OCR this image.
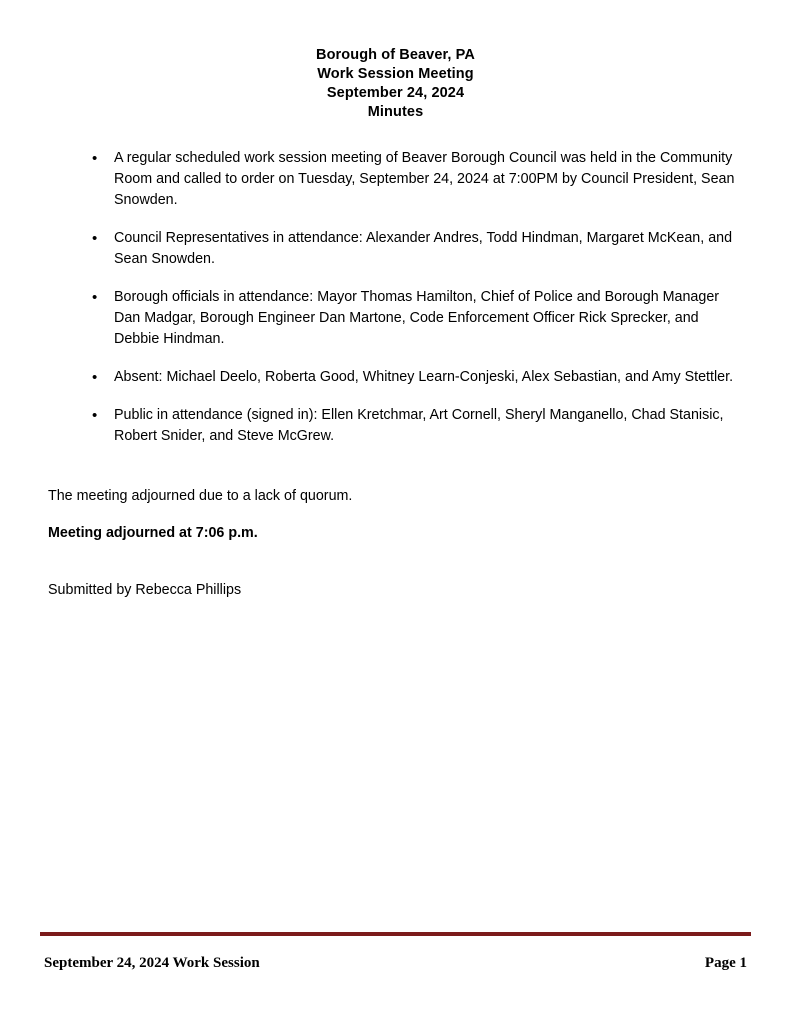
Borough of Beaver, PA
Work Session Meeting
September 24, 2024
Minutes
• A regular scheduled work session meeting of Beaver Borough Council was held in the Community Room and called to order on Tuesday, September 24, 2024 at 7:00PM by Council President, Sean Snowden.
• Council Representatives in attendance: Alexander Andres, Todd Hindman, Margaret McKean, and Sean Snowden.
• Borough officials in attendance: Mayor Thomas Hamilton, Chief of Police and Borough Manager Dan Madgar, Borough Engineer Dan Martone, Code Enforcement Officer Rick Sprecker, and Debbie Hindman.
• Absent: Michael Deelo, Roberta Good, Whitney Learn-Conjeski, Alex Sebastian, and Amy Stettler.
• Public in attendance (signed in): Ellen Kretchmar, Art Cornell, Sheryl Manganello, Chad Stanisic, Robert Snider, and Steve McGrew.

The meeting adjourned due to a lack of quorum.

Meeting adjourned at 7:06 p.m.

Submitted by Rebecca Phillips

September 24, 2024 Work Session	Page 1
